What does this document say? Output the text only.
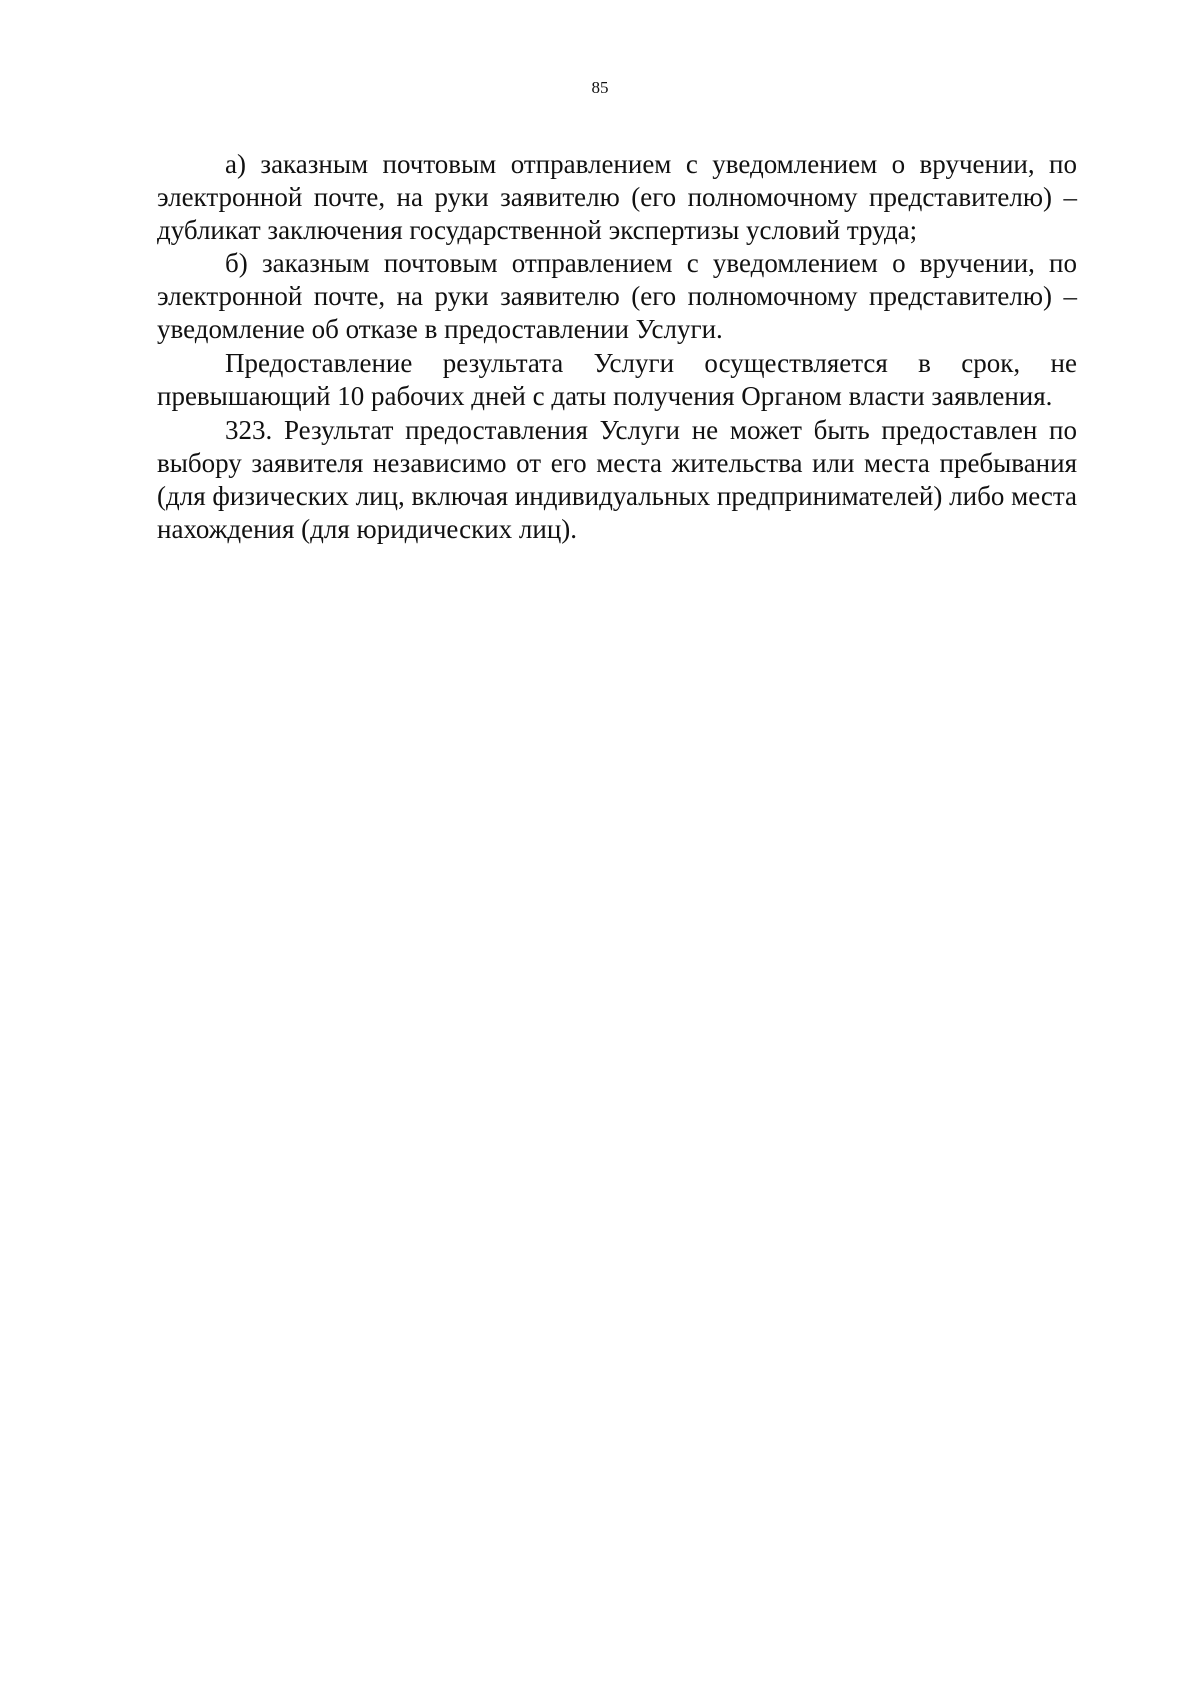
85

а) заказным почтовым отправлением с уведомлением о вручении, по электронной почте, на руки заявителю (его полномочному представителю) – дубликат заключения государственной экспертизы условий труда;

б) заказным почтовым отправлением с уведомлением о вручении, по электронной почте, на руки заявителю (его полномочному представителю) – уведомление об отказе в предоставлении Услуги.

Предоставление результата Услуги осуществляется в срок, не превышающий 10 рабочих дней с даты получения Органом власти заявления.

323. Результат предоставления Услуги не может быть предоставлен по выбору заявителя независимо от его места жительства или места пребывания (для физических лиц, включая индивидуальных предпринимателей) либо места нахождения (для юридических лиц).
